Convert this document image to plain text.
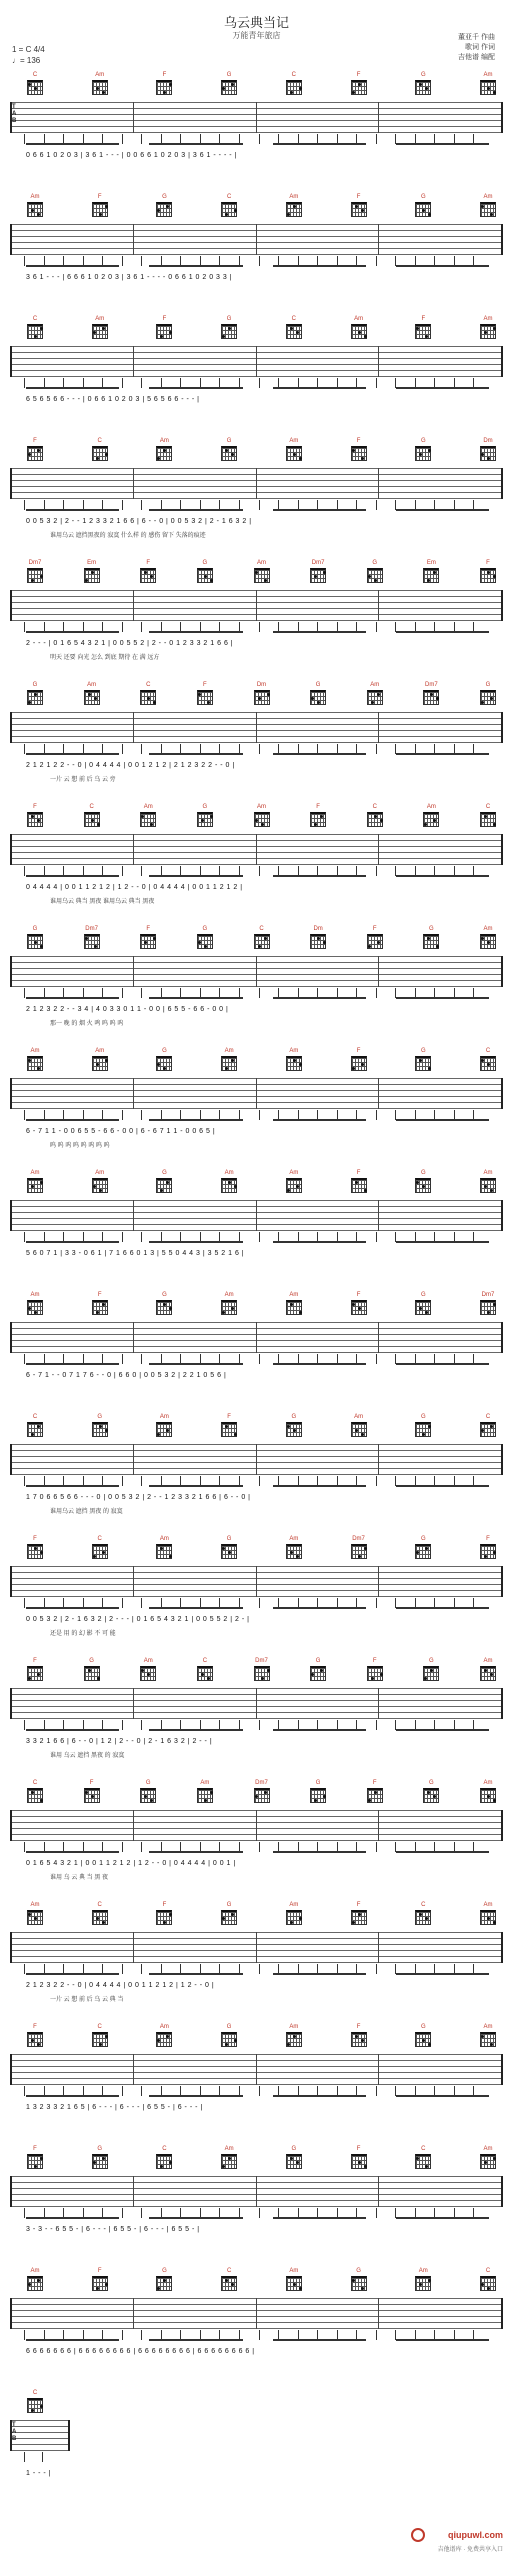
乌云典当记
万能青年旅店
1 = C 4/4
♩= 136
董亚千 作曲
歌词 作词
吉他谱 编配
C	Am	F	G	C	F	G	Am
T
A
B
0 6 6 1 0 2 0 3 | 3 6 1 - - - | 0 0 6 6 1 0 2 0 3 | 3 6 1 - - - - |
Am	F	G	C	Am	F	G	Am
3 6 1 - - - | 6 6 6 1 0 2 0 3 | 3 6 1 - - - - 0 6 6 1 0 2 0 3 3 |
C	Am	F	G	C	Am	F	Am
6 5 6 5 6 6 - - - | 0 6 6 1 0 2 0 3 | 5 6 5 6 6 - - - |
F	C	Am	G	Am	F	G	Dm
0 0 5 3 2 | 2 - - 1 2 3 3 2 1 6 6 | 6 - - 0 | 0 0 5 3 2 | 2 - 1 6 3 2 |
谁用乌云 遮挡黑夜的 寂寞 什么样 的 感伤 留下 失落的痕迹
Dm7	Em	F	G	Am	Dm7	G	Em	F
2 - - - | 0 1 6 5 4 3 2 1 | 0 0 5 5 2 | 2 - - 0 1 2 3 3 2 1 6 6 |
明天 还要 向光 怎么 到底 期待 在 满 远方
G	Am	C	F	Dm	G	Am	Dm7	G
2 1 2 1 2 2 - - 0 | 0 4 4 4 4 | 0 0 1 2 1 2 | 2 1 2 3 2 2 - - 0 |
一片 云 想 前 后 乌 云 旁
F	C	Am	G	Am	F	C	Am	C
0 4 4 4 4 | 0 0 1 1 2 1 2 | 1 2 - - 0 | 0 4 4 4 4 | 0 0 1 1 2 1 2 |
谁用乌云 典当 黑夜 谁用乌云 典当 黑夜
G	Dm7	F	G	C	Dm	F	G	Am
2 1 2 3 2 2 - - 3 4 | 4 0 3 3 0 1 1 - 0 0 | 6 5 5 - 6 6 - 0 0 |
那一 晚 的 烟 火 鸣 呜 呜 呜
Am	Am	G	Am	Am	F	G	C
6 - 7 1 1 - 0 0 6 5 5 - 6 6 - 0 0 | 6 - 6 7 1 1 - 0 0 6 5 |
呜 呜 呜 呜 呜 呜 呜 呜
Am	Am	G	Am	Am	F	G	Am
5 6 0 7 1 | 3 3 - 0 6 1 | 7 1 6 6 0 1 3 | 5 5 0 4 4 3 | 3 5 2 1 6 |
Am	F	G	Am	Am	F	G	Dm7
6 - 7 1 - - 0 7 1 7 6 - - 0 | 6 6 0 | 0 0 5 3 2 | 2 2 1 0 5 6 |
C	G	Am	F	G	Am	G	C
1 7 0 6 6 5 6 6 - - - 0 | 0 0 5 3 2 | 2 - - 1 2 3 3 2 1 6 6 | 6 - - 0 |
谁用乌云 遮挡 黑夜 的 寂寞
F	C	Am	G	Am	Dm7	G	F
0 0 5 3 2 | 2 - 1 6 3 2 | 2 - - - | 0 1 6 5 4 3 2 1 | 0 0 5 5 2 | 2 - |
还是 用 的 幻 影 不 可 能
F	G	Am	C	Dm7	G	F	G	Am
3 3 2 1 6 6 | 6 - - 0 | 1 2 | 2 - - 0 | 2 - 1 6 3 2 | 2 - - |
谁用 乌云 遮挡 黑夜 的 寂寞
C	F	G	Am	Dm7	G	F	G	Am
0 1 6 5 4 3 2 1 | 0 0 1 1 2 1 2 | 1 2 - - 0 | 0 4 4 4 4 | 0 0 1 |
谁用 乌 云 典 当 黑 夜
Am	C	F	G	Am	F	C	Am
2 1 2 3 2 2 - - 0 | 0 4 4 4 4 | 0 0 1 1 2 1 2 | 1 2 - - 0 |
一片 云 想 前 后 乌 云 典 当
F	C	Am	G	Am	F	G	Am
1 3 2 3 3 2 1 6 5 | 6 - - - | 6 - - - | 6 5 5 - | 6 - - - |
F	G	C	Am	G	F	C	Am
3 - 3 - - 6 5 5 - | 6 - - - | 6 5 5 - | 6 - - - | 6 5 5 - |
Am	F	G	C	Am	G	Am	C
6 6 6 6 6 6 6 | 6 6 6 6 6 6 6 6 | 6 6 6 6 6 6 6 6 | 6 6 6 6 6 6 6 6 |
C
T
A
B
1 - - - |
qiupuwl.com
吉他谱库 · 免费共享入口
